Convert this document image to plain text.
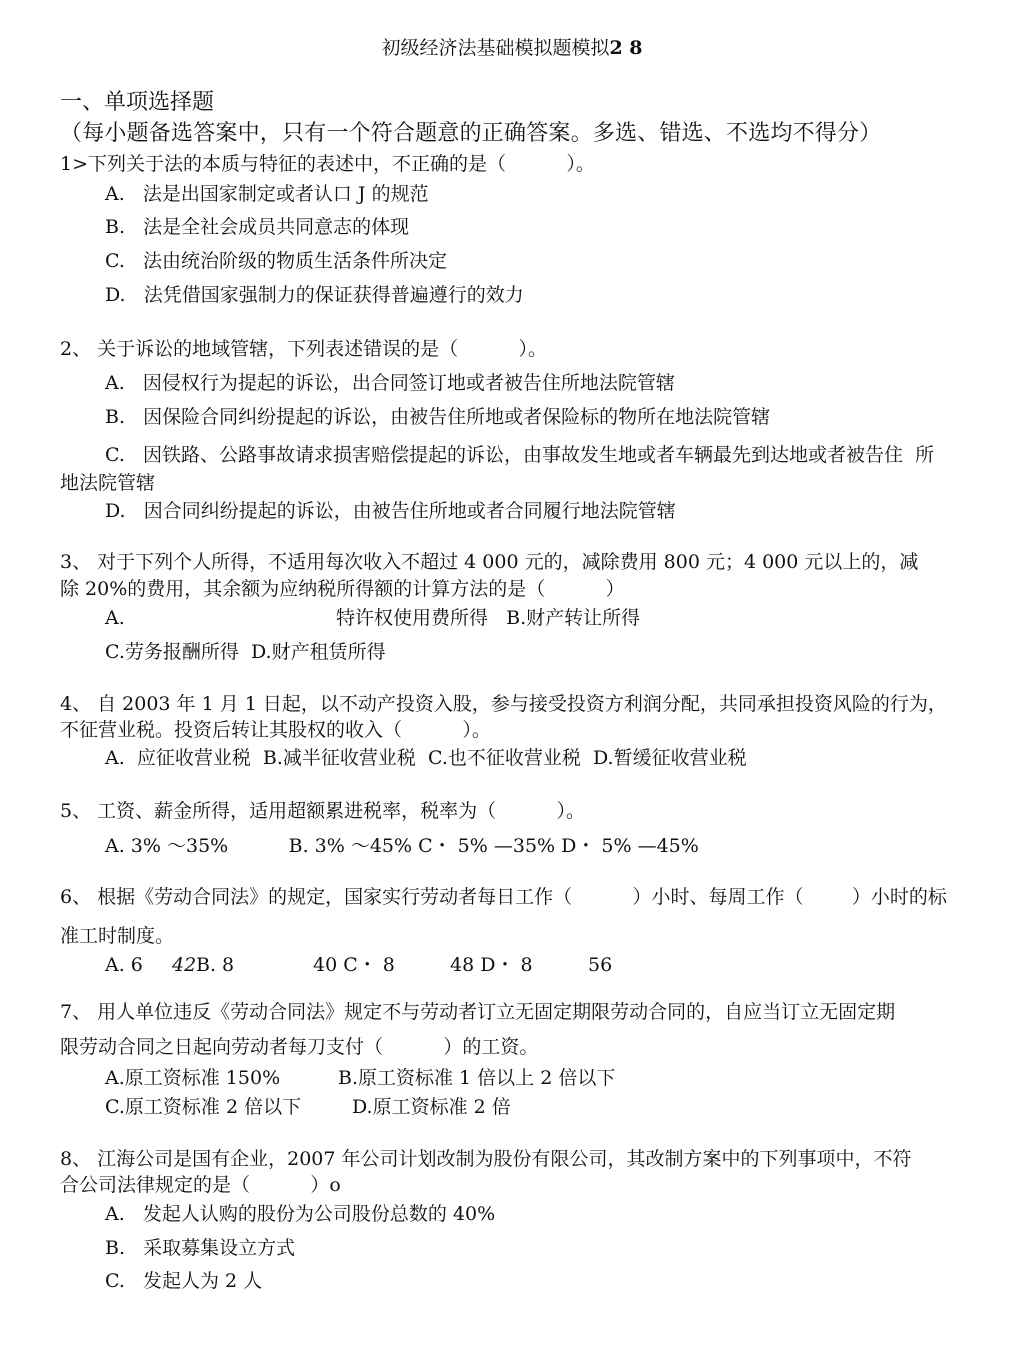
初级经济法基础模拟题模拟2 8
一、单项选择题
（每小题备选答案中，只有一个符合题意的正确答案。多选、错选、不选均不得分）
1>下列关于法的本质与特征的表述中，不正确的是（          ）。
A.   法是出国家制定或者认口 J 的规范
B.   法是全社会成员共同意志的体现
C.   法由统治阶级的物质生活条件所决定
D.   法凭借国家强制力的保证获得普遍遵行的效力
2、 关于诉讼的地域管辖，下列表述错误的是（          ）。
A.   因侵权行为提起的诉讼，出合同签订地或者被告住所地法院管辖
B.   因保险合同纠纷提起的诉讼，由被告住所地或者保险标的物所在地法院管辖
C.   因铁路、公路事故请求损害赔偿提起的诉讼，由事故发生地或者车辆最先到达地或者被告住  所
地法院管辖
D.   因合同纠纷提起的诉讼，由被告住所地或者合同履行地法院管辖
3、 对于下列个人所得，不适用每次收入不超过 4 000 元的，减除费用 800 元；4 000 元以上的，减
除 20%的费用，其余额为应纳税所得额的计算方法的是（          ）
A.	特许权使用费所得   B.财产转让所得
C.劳务报酬所得  D.财产租赁所得
4、 自 2003 年 1 月 1 日起，以不动产投资入股，参与接受投资方利润分配，共同承担投资风险的行为，
不征营业税。投资后转让其股权的收入（          ）。
A.  应征收营业税  B.减半征收营业税  C.也不征收营业税  D.暂缓征收营业税
5、 工资、薪金所得，适用超额累进税率，税率为（          ）。
A. 3% ～35%          B. 3% ～45% C・ 5% —35% D・ 5% —45%
6、 根据《劳动合同法》的规定，国家实行劳动者每日工作（          ）小时、每周工作（        ）小时的标
准工时制度。
A. 6 42 B. 8	40 C・ 8	48 D・ 8	56
7、 用人单位违反《劳动合同法》规定不与劳动者订立无固定期限劳动合同的，自应当订立无固定期
限劳动合同之日起向劳动者每刀支付（          ）的工资。
A.原工资标准 150%	B.原工资标准 1 倍以上 2 倍以下
C.原工资标准 2 倍以下	D.原工资标准 2 倍
8、 江海公司是国有企业，2007 年公司计划改制为股份有限公司，其改制方案中的下列事项中，不符
合公司法律规定的是（          ）o
A.   发起人认购的股份为公司股份总数的 40%
B.   采取募集设立方式
C.   发起人为 2 人
